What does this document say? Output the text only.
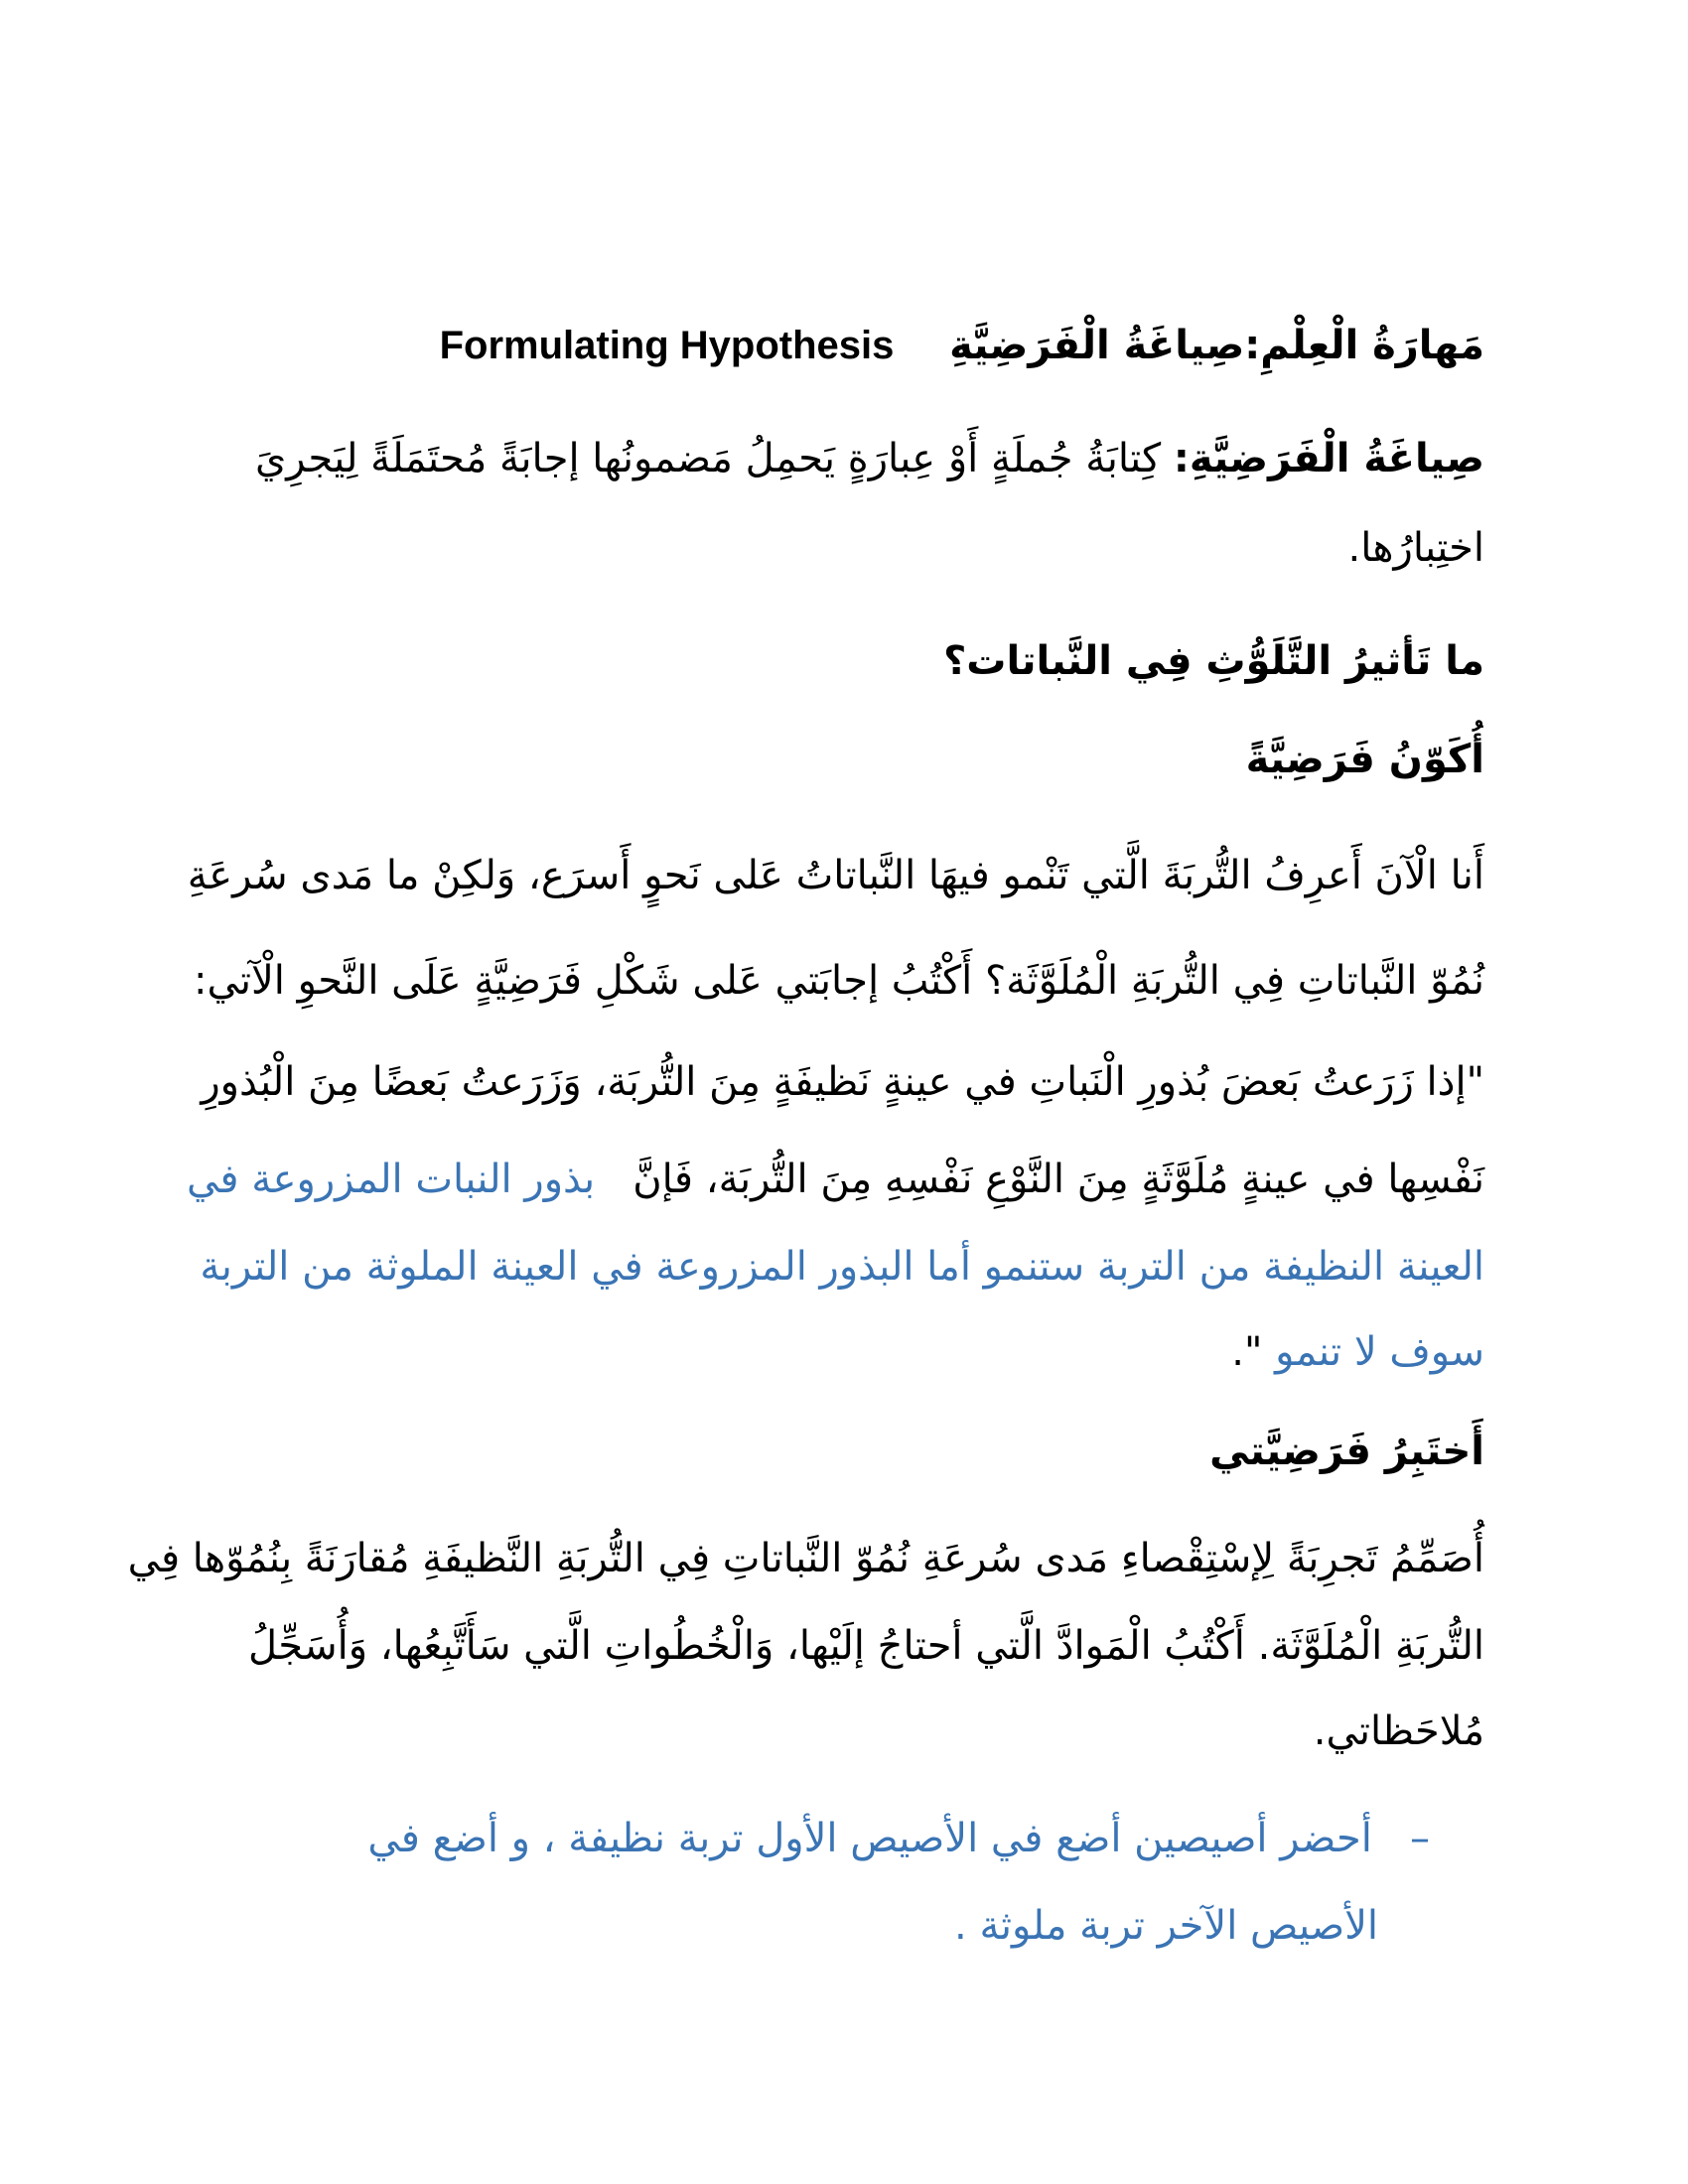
مَهارَةُ الْعِلْمِ:صِياغَةُ الْفَرَضِيَّةِ    Formulating Hypothesis
صِياغَةُ الْفَرَضِيَّةِ: كِتابَةُ جُملَةٍ أَوْ عِبارَةٍ يَحمِلُ مَضمونُها إجابَةً مُحتَمَلَةً لِيَجرِيَ
اختِبارُها.
ما تَأثيرُ التَّلَوُّثِ فِي النَّباتات؟
أُكَوّنُ فَرَضِيَّةً
أَنا الْآنَ أَعرِفُ التُّربَةَ الَّتي تَنْمو فيهَا النَّباتاتُ عَلى نَحوٍ أَسرَع، وَلكِنْ ما مَدى سُرعَةِ
نُمُوّ النَّباتاتِ فِي التُّربَةِ الْمُلَوَّثَة؟ أَكْتُبُ إجابَتي عَلى شَكْلِ فَرَضِيَّةٍ عَلَى النَّحوِ الْآتي:
"إذا زَرَعتُ بَعضَ بُذورِ الْنَباتِ في عينةٍ نَظيفَةٍ مِنَ التُّربَة، وَزَرَعتُ بَعضًا مِنَ الْبُذورِ
نَفْسِها في عينةٍ مُلَوَّثَةٍ مِنَ النَّوْعِ نَفْسِهِ مِنَ التُّربَة، فَإنَّ   بذور النبات المزروعة في
العينة النظيفة من التربة ستنمو أما البذور المزروعة في العينة الملوثة من التربة
سوف لا تنمو ".
أَختَبِرُ فَرَضِيَّتي
أُصَمِّمُ تَجرِبَةً لِإسْتِقْصاءِ مَدى سُرعَةِ نُمُوّ النَّباتاتِ فِي التُّربَةِ النَّظيفَةِ مُقارَنَةً بِنُمُوّها فِي
التُّربَةِ الْمُلَوَّثَة. أَكْتُبُ الْمَوادَّ الَّتي أحتاجُ إلَيْها، وَالْخُطُواتِ الَّتي سَأَتَّبِعُها، وَأُسَجِّلُ
مُلاحَظاتي.
–   أحضر أصيصين أضع في الأصيص الأول تربة نظيفة ، و أضع في
الأصيص الآخر تربة ملوثة .
